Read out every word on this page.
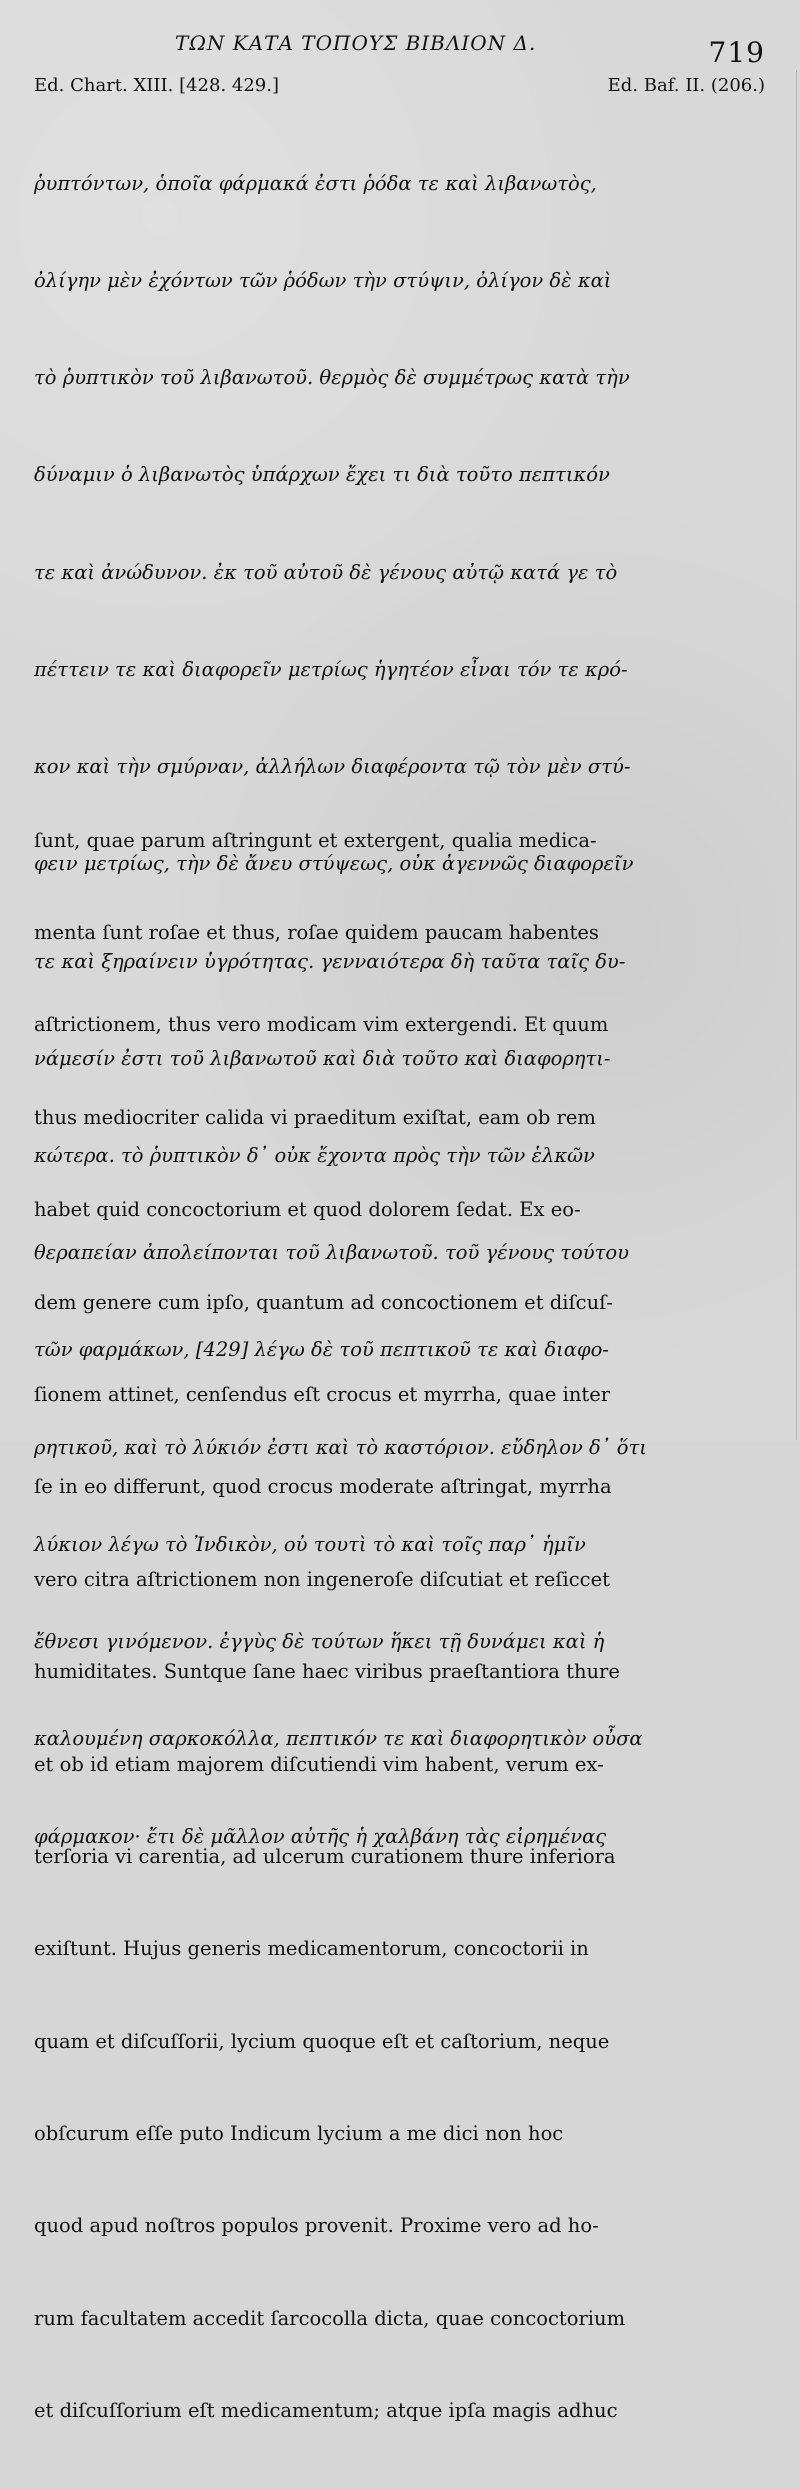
ΤΩΝ ΚΑΤΑ ΤΟΠΟΥΣ ΒΙΒΛΙΟΝ Δ.	719
Ed. Chart. XIII. [428. 429.]	Ed. Baf. II. (206.)

ῥυπτόντων, ὁποῖα φάρμακά ἐστι ῥόδα τε καὶ λιβανωτὸς,

ὀλίγην μὲν ἐχόντων τῶν ῥόδων τὴν στύψιν, ὀλίγον δὲ καὶ

τὸ ῥυπτικὸν τοῦ λιβανωτοῦ. θερμὸς δὲ συμμέτρως κατὰ τὴν

δύναμιν ὁ λιβανωτὸς ὑπάρχων ἔχει τι διὰ τοῦτο πεπτικόν

τε καὶ ἀνώδυνον. ἐκ τοῦ αὐτοῦ δὲ γένους αὐτῷ κατά γε τὸ

πέττειν τε καὶ διαφορεῖν μετρίως ἡγητέον εἶναι τόν τε κρό-

κον καὶ τὴν σμύρναν, ἀλλήλων διαφέροντα τῷ τὸν μὲν στύ-

φειν μετρίως, τὴν δὲ ἄνευ στύψεως, οὐκ ἀγεννῶς διαφορεῖν

τε καὶ ξηραίνειν ὑγρότητας. γενναιότερα δὴ ταῦτα ταῖς δυ-

νάμεσίν ἐστι τοῦ λιβανωτοῦ καὶ διὰ τοῦτο καὶ διαφορητι-

κώτερα. τὸ ῥυπτικὸν δ᾽ οὐκ ἔχοντα πρὸς τὴν τῶν ἑλκῶν

θεραπείαν ἀπολείπονται τοῦ λιβανωτοῦ. τοῦ γένους τούτου

τῶν φαρμάκων, [429] λέγω δὲ τοῦ πεπτικοῦ τε καὶ διαφο-

ρητικοῦ, καὶ τὸ λύκιόν ἐστι καὶ τὸ καστόριον. εὔδηλον δ᾽ ὅτι

λύκιον λέγω τὸ Ἰνδικὸν, οὐ τουτὶ τὸ καὶ τοῖς παρ᾽ ἡμῖν

ἔθνεσι γινόμενον. ἐγγὺς δὲ τούτων ἥκει τῇ δυνάμει καὶ ἡ

καλουμένη σαρκοκόλλα, πεπτικόν τε καὶ διαφορητικὸν οὖσα

φάρμακον· ἔτι δὲ μᾶλλον αὐτῆς ἡ χαλβάνη τὰς εἰρημένας

ſunt, quae parum aſtringunt et extergent, qualia medica-

menta ſunt roſae et thus, roſae quidem paucam habentes

aſtrictionem, thus vero modicam vim extergendi. Et quum

thus mediocriter calida vi praeditum exiſtat, eam ob rem

habet quid concoctorium et quod dolorem ſedat. Ex eo-

dem genere cum ipſo, quantum ad concoctionem et diſcuſ-

ſionem attinet, cenſendus eſt crocus et myrrha, quae inter

ſe in eo differunt, quod crocus moderate aſtringat, myrrha

vero citra aſtrictionem non ingeneroſe diſcutiat et reſiccet

humiditates. Suntque ſane haec viribus praeſtantiora thure

et ob id etiam majorem diſcutiendi vim habent, verum ex-

terſoria vi carentia, ad ulcerum curationem thure inferiora

exiſtunt. Hujus generis medicamentorum, concoctorii in

quam et diſcuſſorii, lycium quoque eſt et caſtorium, neque

obſcurum eſſe puto Indicum lycium a me dici non hoc

quod apud noſtros populos provenit. Proxime vero ad ho-

rum facultatem accedit ſarcocolla dicta, quae concoctorium

et diſcuſſorium eſt medicamentum; atque ipſa magis adhuc
